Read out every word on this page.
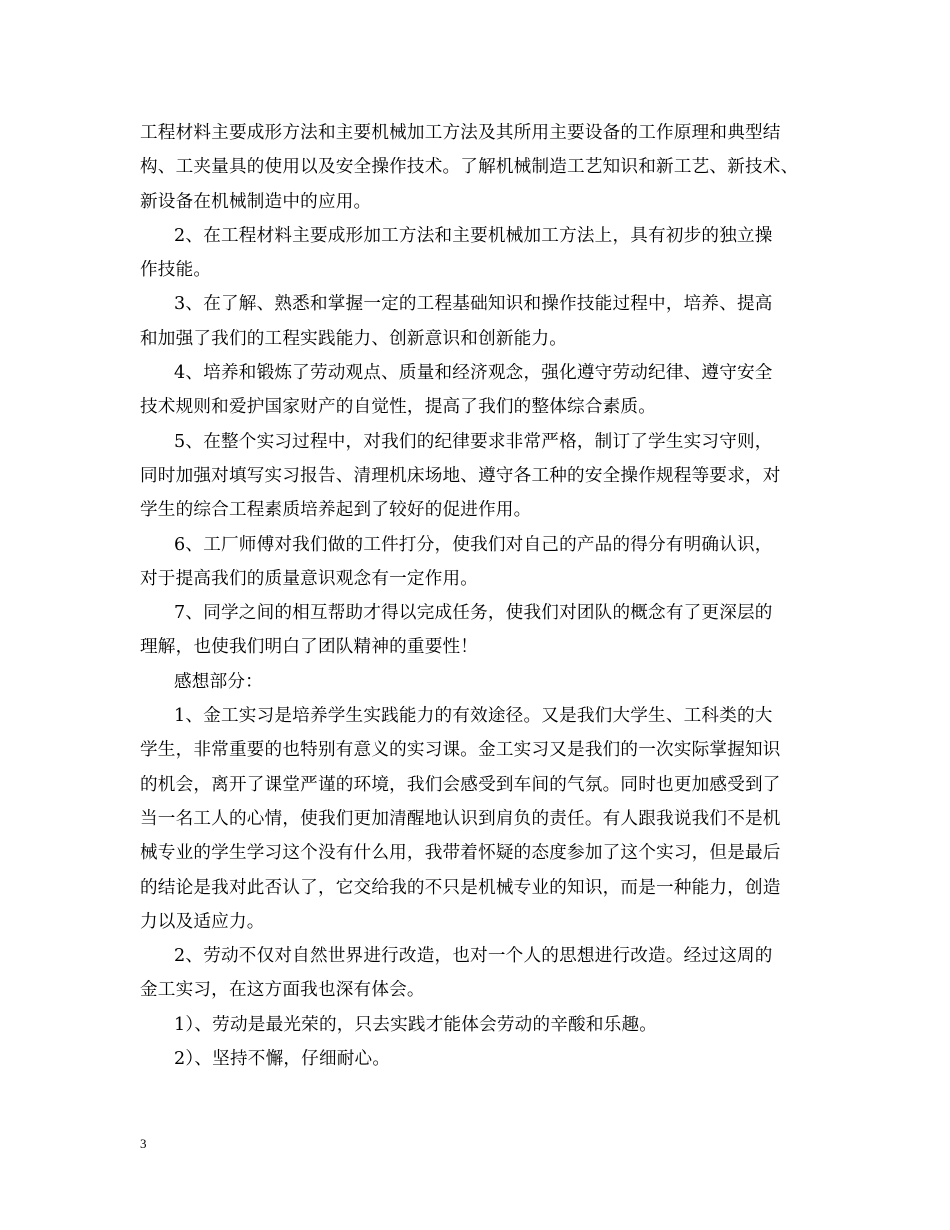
工程材料主要成形方法和主要机械加工方法及其所用主要设备的工作原理和典型结
构、工夹量具的使用以及安全操作技术。了解机械制造工艺知识和新工艺、新技术、
新设备在机械制造中的应用。
2、在工程材料主要成形加工方法和主要机械加工方法上，具有初步的独立操
作技能。
3、在了解、熟悉和掌握一定的工程基础知识和操作技能过程中，培养、提高
和加强了我们的工程实践能力、创新意识和创新能力。
4、培养和锻炼了劳动观点、质量和经济观念，强化遵守劳动纪律、遵守安全
技术规则和爱护国家财产的自觉性，提高了我们的整体综合素质。
5、在整个实习过程中，对我们的纪律要求非常严格，制订了学生实习守则，
同时加强对填写实习报告、清理机床场地、遵守各工种的安全操作规程等要求，对
学生的综合工程素质培养起到了较好的促进作用。
6、工厂师傅对我们做的工件打分，使我们对自己的产品的得分有明确认识，
对于提高我们的质量意识观念有一定作用。
7、同学之间的相互帮助才得以完成任务，使我们对团队的概念有了更深层的
理解，也使我们明白了团队精神的重要性！
感想部分：
1、金工实习是培养学生实践能力的有效途径。又是我们大学生、工科类的大
学生，非常重要的也特别有意义的实习课。金工实习又是我们的一次实际掌握知识
的机会，离开了课堂严谨的环境，我们会感受到车间的气氛。同时也更加感受到了
当一名工人的心情，使我们更加清醒地认识到肩负的责任。有人跟我说我们不是机
械专业的学生学习这个没有什么用，我带着怀疑的态度参加了这个实习，但是最后
的结论是我对此否认了，它交给我的不只是机械专业的知识，而是一种能力，创造
力以及适应力。
2、劳动不仅对自然世界进行改造，也对一个人的思想进行改造。经过这周的
金工实习，在这方面我也深有体会。
1）、劳动是最光荣的，只去实践才能体会劳动的辛酸和乐趣。
2）、坚持不懈，仔细耐心。
3
